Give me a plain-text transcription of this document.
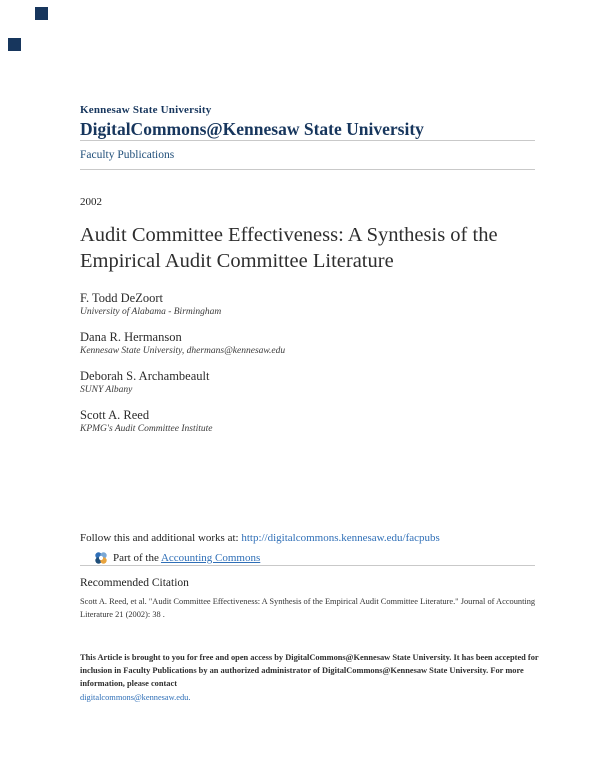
Kennesaw State University
DigitalCommons@Kennesaw State University
Faculty Publications
2002
Audit Committee Effectiveness: A Synthesis of the Empirical Audit Committee Literature
F. Todd DeZoort
University of Alabama - Birmingham
Dana R. Hermanson
Kennesaw State University, dhermans@kennesaw.edu
Deborah S. Archambeault
SUNY Albany
Scott A. Reed
KPMG's Audit Committee Institute
Follow this and additional works at: http://digitalcommons.kennesaw.edu/facpubs
Part of the Accounting Commons
Recommended Citation
Scott A. Reed, et al. "Audit Committee Effectiveness: A Synthesis of the Empirical Audit Committee Literature." Journal of Accounting Literature 21 (2002): 38 .
This Article is brought to you for free and open access by DigitalCommons@Kennesaw State University. It has been accepted for inclusion in Faculty Publications by an authorized administrator of DigitalCommons@Kennesaw State University. For more information, please contact
digitalcommons@kennesaw.edu.
